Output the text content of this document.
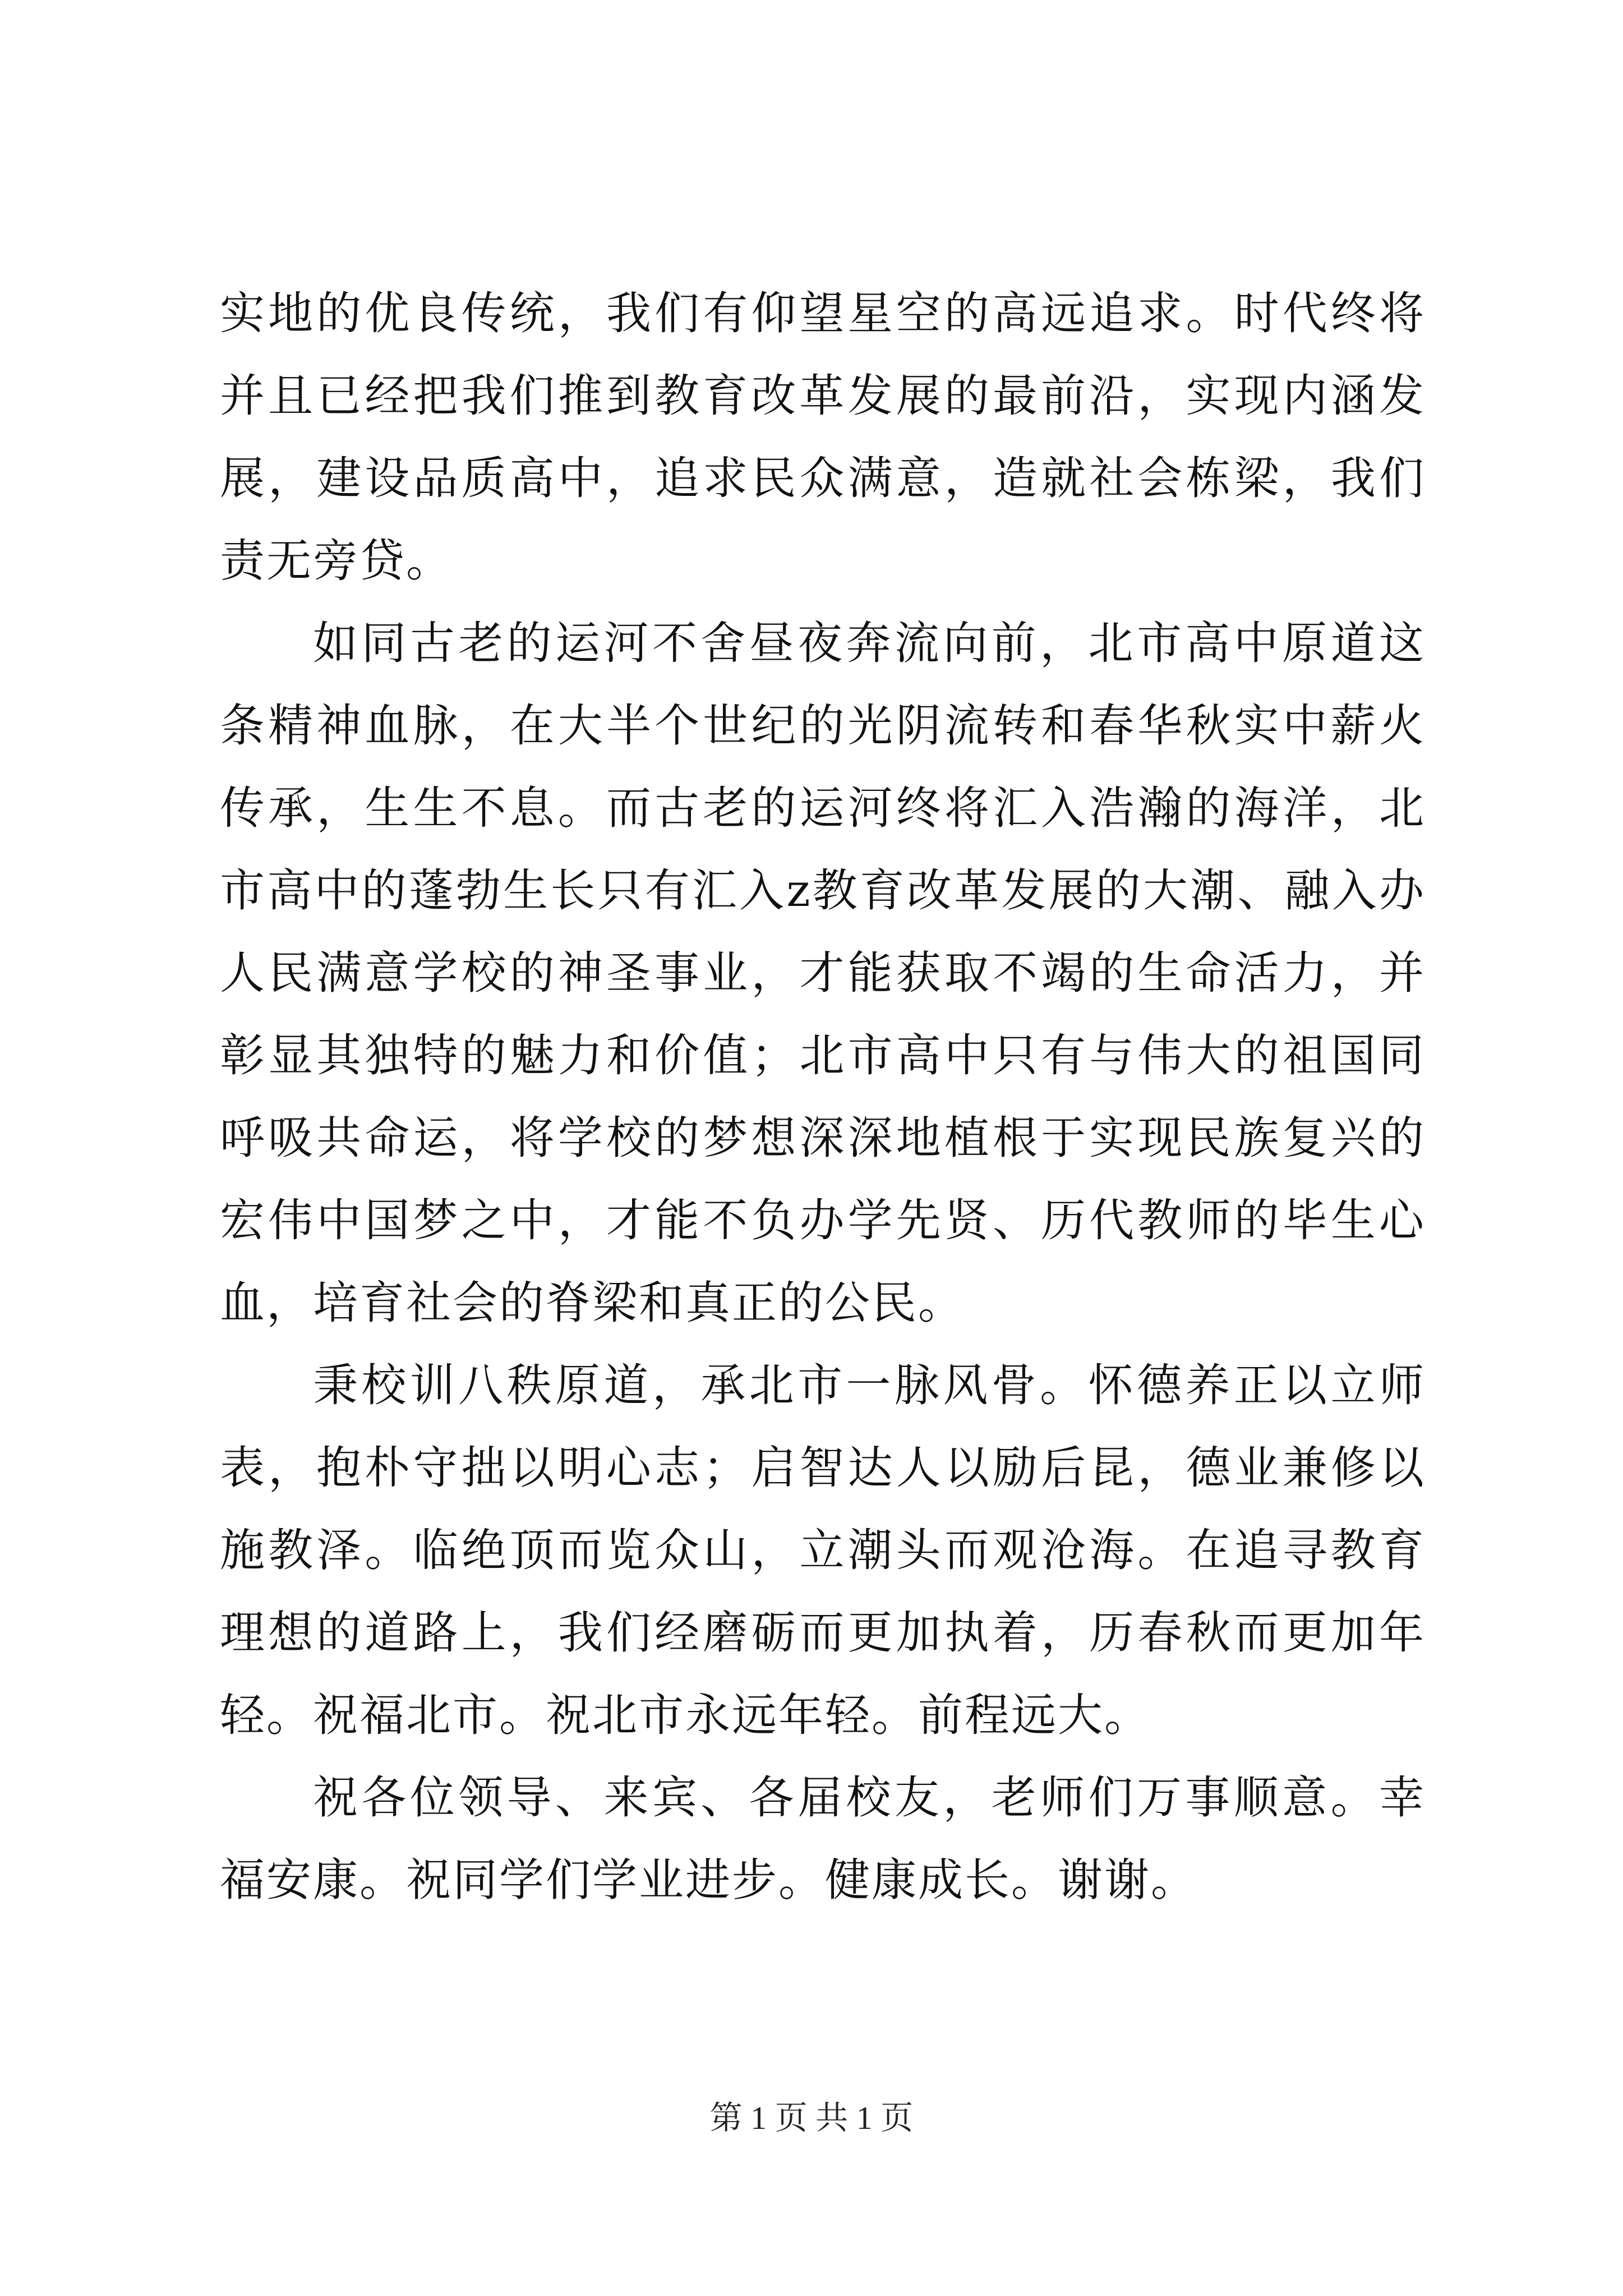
实地的优良传统，我们有仰望星空的高远追求。时代终将并且已经把我们推到教育改革发展的最前沿，实现内涵发展，建设品质高中，追求民众满意，造就社会栋梁，我们责无旁贷。

如同古老的运河不舍昼夜奔流向前，北市高中原道这条精神血脉，在大半个世纪的光阴流转和春华秋实中薪火传承，生生不息。而古老的运河终将汇入浩瀚的海洋，北市高中的蓬勃生长只有汇入z教育改革发展的大潮、融入办人民满意学校的神圣事业，才能获取不竭的生命活力，并彰显其独特的魅力和价值；北市高中只有与伟大的祖国同呼吸共命运，将学校的梦想深深地植根于实现民族复兴的宏伟中国梦之中，才能不负办学先贤、历代教师的毕生心血，培育社会的脊梁和真正的公民。

秉校训八秩原道，承北市一脉风骨。怀德养正以立师表，抱朴守拙以明心志；启智达人以励后昆，德业兼修以施教泽。临绝顶而览众山，立潮头而观沧海。在追寻教育理想的道路上，我们经磨砺而更加执着，历春秋而更加年轻。祝福北市。祝北市永远年轻。前程远大。

祝各位领导、来宾、各届校友，老师们万事顺意。幸福安康。祝同学们学业进步。健康成长。谢谢。

第 1 页 共 1 页
